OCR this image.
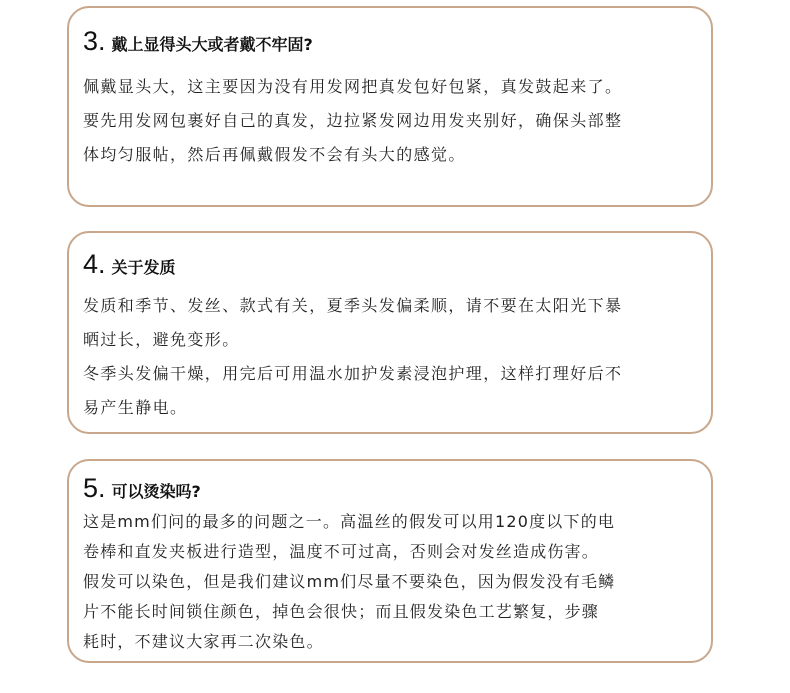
3. 戴上显得头大或者戴不牢固?

佩戴显头大，这主要因为没有用发网把真发包好包紧，真发鼓起来了。

要先用发网包裹好自己的真发，边拉紧发网边用发夹别好，确保头部整

体均匀服帖，然后再佩戴假发不会有头大的感觉。

4. 关于发质

发质和季节、发丝、款式有关，夏季头发偏柔顺，请不要在太阳光下暴

晒过长，避免变形。

冬季头发偏干燥，用完后可用温水加护发素浸泡护理，这样打理好后不

易产生静电。

5. 可以烫染吗?

这是mm们问的最多的问题之一。高温丝的假发可以用120度以下的电

卷棒和直发夹板进行造型，温度不可过高，否则会对发丝造成伤害。

假发可以染色，但是我们建议mm们尽量不要染色，因为假发没有毛鳞

片不能长时间锁住颜色，掉色会很快；而且假发染色工艺繁复，步骤

耗时，不建议大家再二次染色。
